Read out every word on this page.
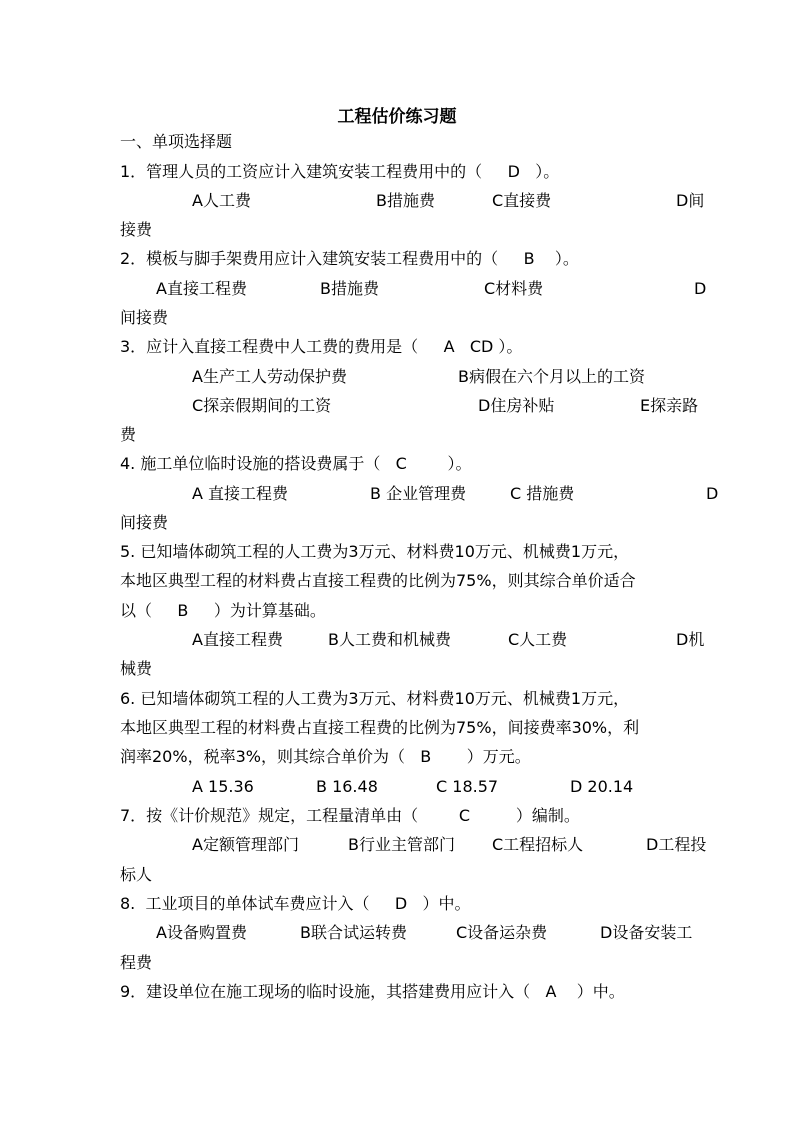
工程估价练习题
一、单项选择题
1．管理人员的工资应计入建筑安装工程费用中的（     D   ）。
A人工费	B措施费	C直接费	D间
接费
2．模板与脚手架费用应计入建筑安装工程费用中的（     B    ）。
A直接工程费	B措施费	C材料费	D
间接费
3．应计入直接工程费中人工费的费用是（     A   CD ）。
A生产工人劳动保护费	B病假在六个月以上的工资
C探亲假期间的工资	D住房补贴	E探亲路
费
4. 施工单位临时设施的搭设费属于（   C        ）。
A 直接工程费	B 企业管理费	C 措施费	D
间接费
5. 已知墙体砌筑工程的人工费为3万元、材料费10万元、机械费1万元，
本地区典型工程的材料费占直接工程费的比例为75%，则其综合单价适合
以（     B     ）为计算基础。
A直接工程费	B人工费和机械费	C人工费	D机
械费
6. 已知墙体砌筑工程的人工费为3万元、材料费10万元、机械费1万元，
本地区典型工程的材料费占直接工程费的比例为75%，间接费率30%，利
润率20%，税率3%，则其综合单价为（   B       ）万元。
A 15.36	B 16.48	C 18.57	D 20.14
7．按《计价规范》规定，工程量清单由（        C         ）编制。
A定额管理部门	B行业主管部门 C工程招标人	D工程投
标人
8.  工业项目的单体试车费应计入（     D   ）中。
A设备购置费	B联合试运转费	C设备运杂费	D设备安装工
程费
9．建设单位在施工现场的临时设施，其搭建费用应计入（   A    ）中。
